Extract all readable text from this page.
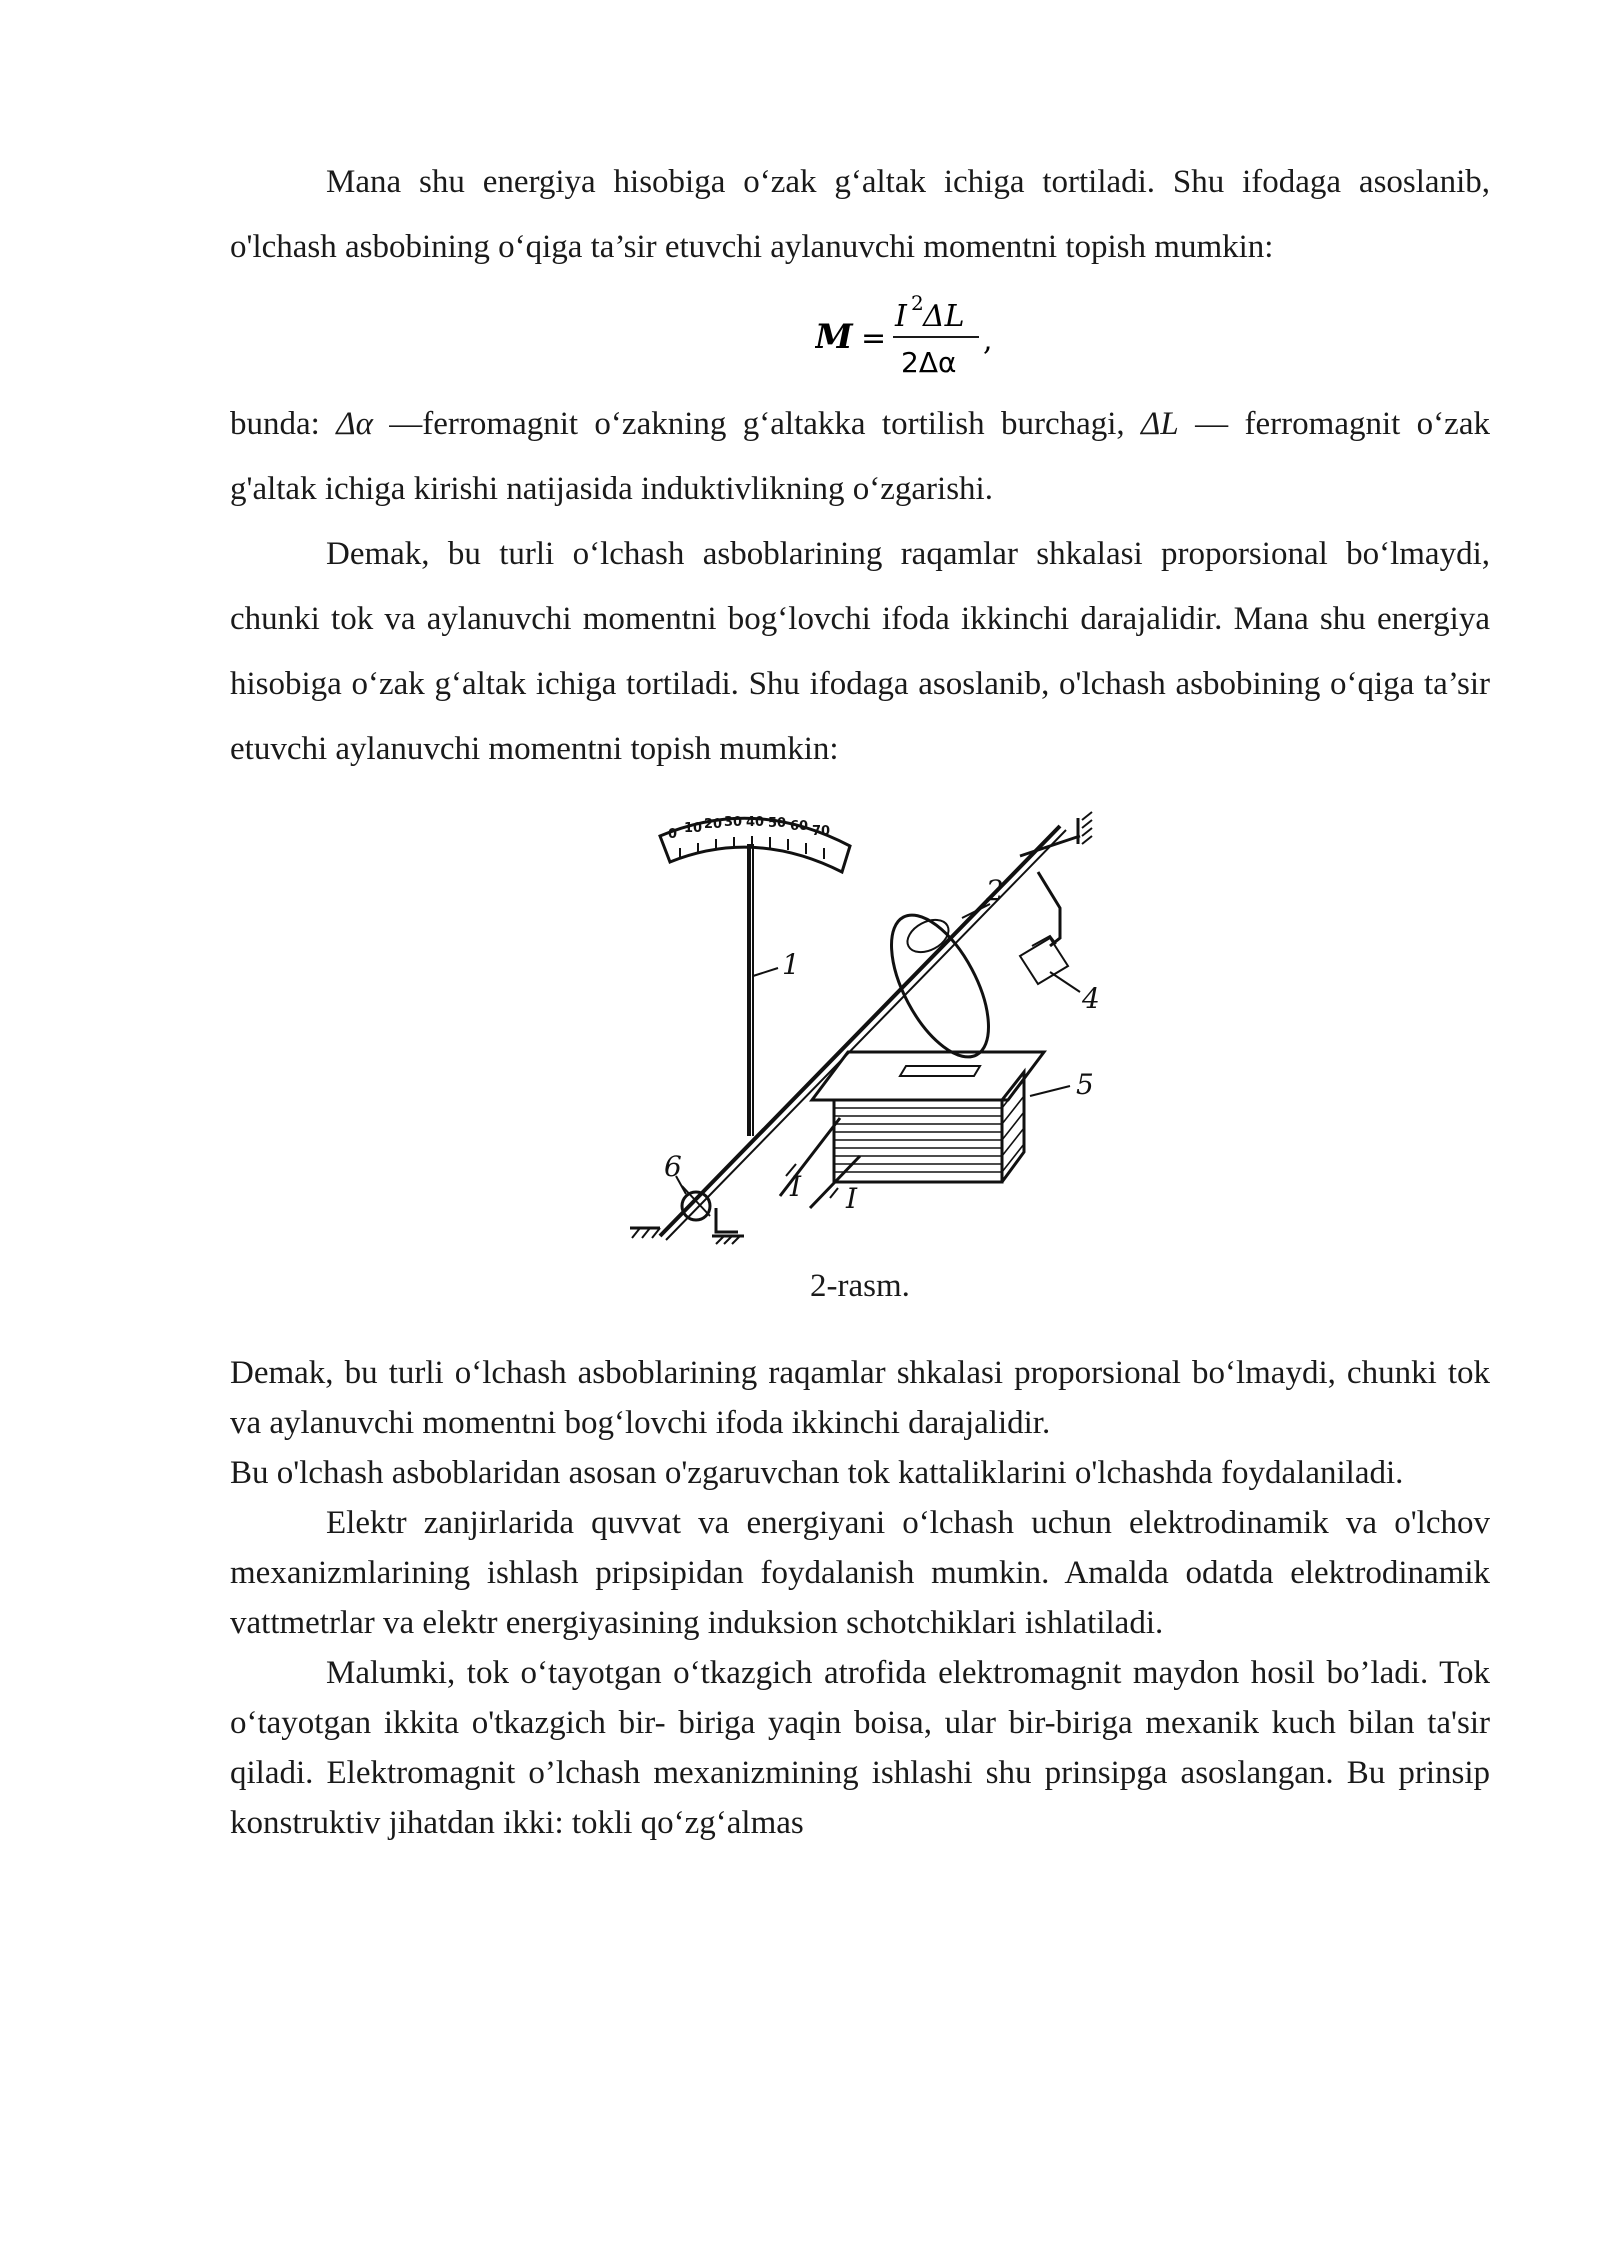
Mana shu energiya hisobiga o‘zak g‘altak ichiga tortiladi. Shu ifodaga asoslanib, o'lchash asbobining o‘qiga ta’sir etuvchi aylanuvchi momentni topish mumkin:

M =
I 2 ΔL
2Δα
,

bunda: Δα —ferromagnit o‘zakning g‘altakka tortilish burchagi, ΔL — ferromagnit o‘zak g'altak ichiga kirishi natijasida induktivlikning o‘zgarishi.

Demak, bu turli o‘lchash asboblarining raqamlar shkalasi proporsional bo‘lmaydi, chunki tok va aylanuvchi momentni bog‘lovchi ifoda ikkinchi darajalidir. Mana shu energiya hisobiga o‘zak g‘altak ichiga tortiladi. Shu ifodaga asoslanib, o'lchash asbobining o‘qiga ta’sir etuvchi aylanuvchi momentni topish mumkin:

0 10 20 30 40 50 60 70
1
2
4
5
6
I I

2-rasm.

Demak, bu turli o‘lchash asboblarining raqamlar shkalasi proporsional bo‘lmaydi, chunki tok va aylanuvchi momentni bog‘lovchi ifoda ikkinchi darajalidir.

Bu o'lchash asboblaridan asosan o'zgaruvchan tok kattaliklarini o'lchashda foydalaniladi.

Elektr zanjirlarida quvvat va energiyani o‘lchash uchun elektrodinamik va o'lchov mexanizmlarining ishlash pripsipidan foydalanish mumkin. Amalda odatda elektrodinamik vattmetrlar va elektr energiyasining induksion schotchiklari ishlatiladi.

Malumki, tok o‘tayotgan o‘tkazgich atrofida elektromagnit maydon hosil bo’ladi. Tok o‘tayotgan ikkita o'tkazgich bir- biriga yaqin boisa, ular bir-biriga mexanik kuch bilan ta'sir qiladi. Elektromagnit o’lchash mexanizmining ishlashi shu prinsipga asoslangan. Bu prinsip konstruktiv jihatdan ikki: tokli qo‘zg‘almas
